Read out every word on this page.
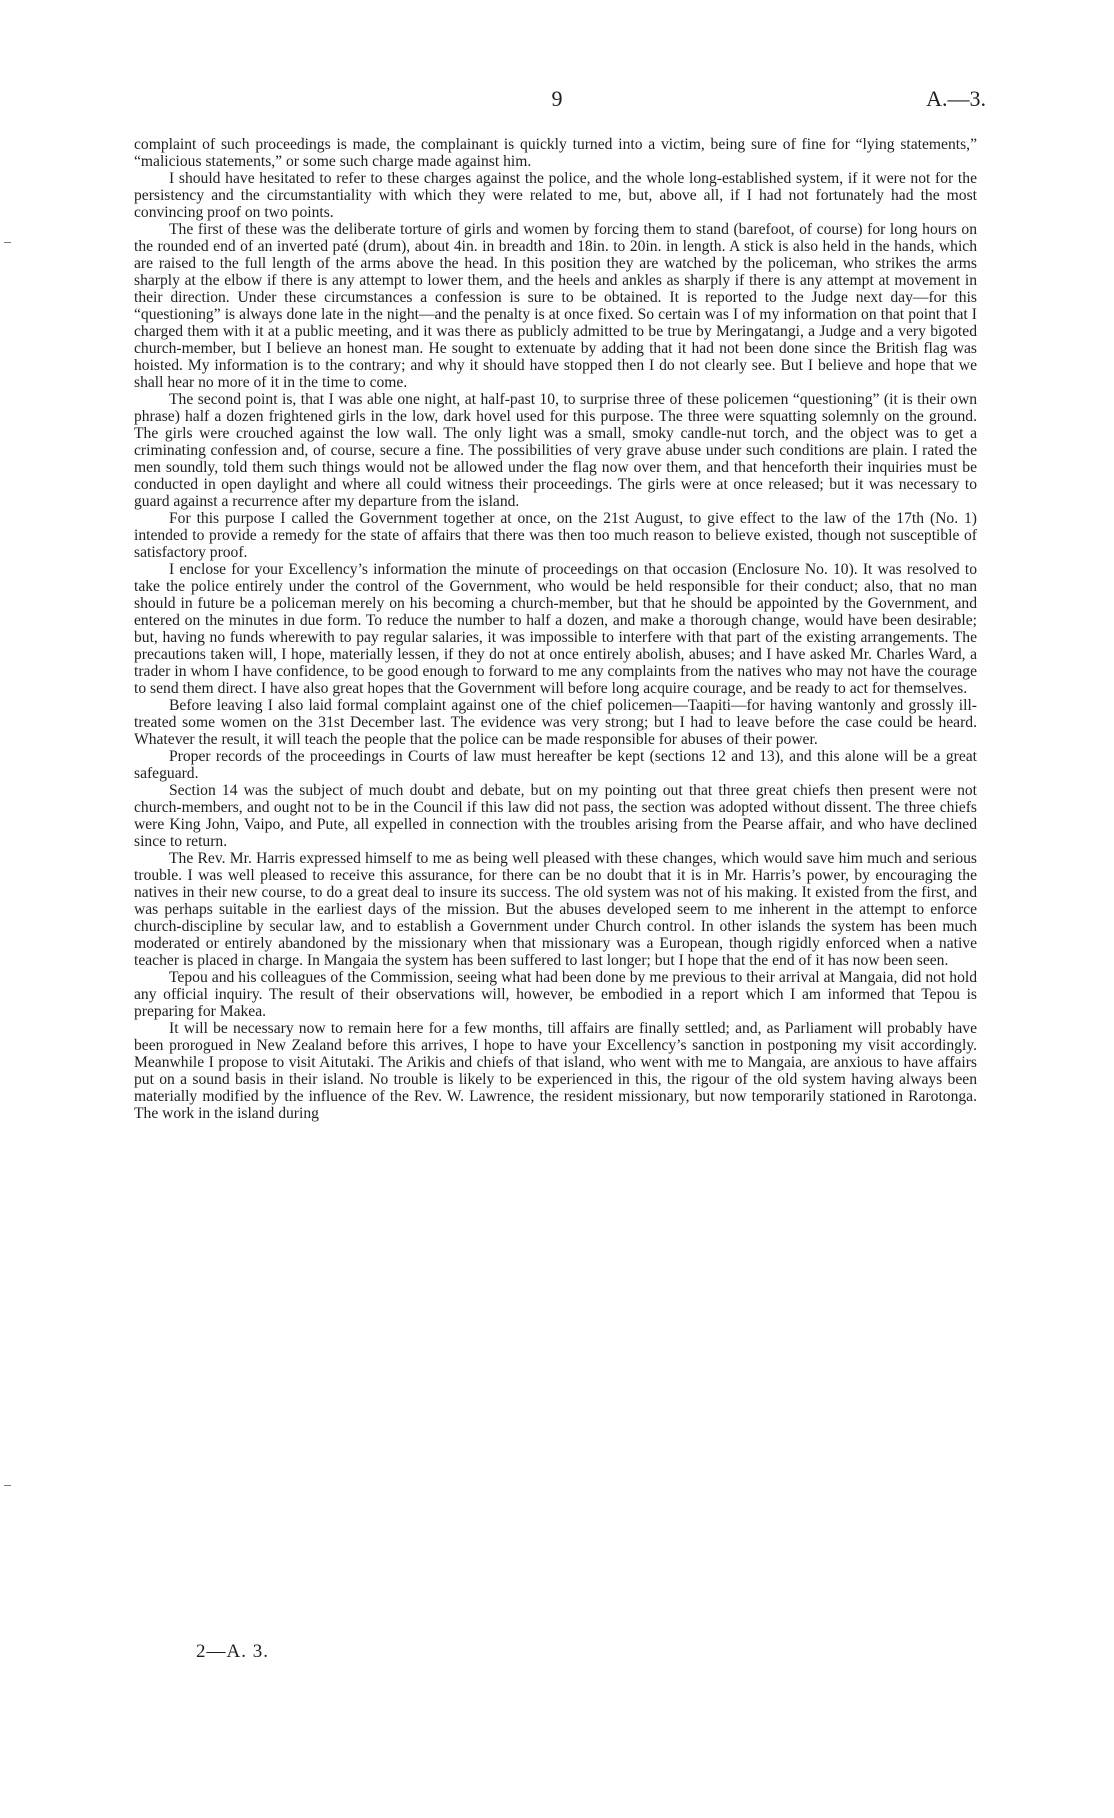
9	A.—3.

complaint of such proceedings is made, the complainant is quickly turned into a victim, being sure of fine for “lying statements,” “malicious statements,” or some such charge made against him.

I should have hesitated to refer to these charges against the police, and the whole long-established system, if it were not for the persistency and the circumstantiality with which they were related to me, but, above all, if I had not fortunately had the most convincing proof on two points.

The first of these was the deliberate torture of girls and women by forcing them to stand (barefoot, of course) for long hours on the rounded end of an inverted paté (drum), about 4in. in breadth and 18in. to 20in. in length. A stick is also held in the hands, which are raised to the full length of the arms above the head. In this position they are watched by the policeman, who strikes the arms sharply at the elbow if there is any attempt to lower them, and the heels and ankles as sharply if there is any attempt at movement in their direction. Under these circumstances a confession is sure to be obtained. It is reported to the Judge next day—for this “questioning” is always done late in the night—and the penalty is at once fixed. So certain was I of my information on that point that I charged them with it at a public meeting, and it was there as publicly admitted to be true by Meringatangi, a Judge and a very bigoted church-member, but I believe an honest man. He sought to extenuate by adding that it had not been done since the British flag was hoisted. My information is to the contrary; and why it should have stopped then I do not clearly see. But I believe and hope that we shall hear no more of it in the time to come.

The second point is, that I was able one night, at half-past 10, to surprise three of these policemen “questioning” (it is their own phrase) half a dozen frightened girls in the low, dark hovel used for this purpose. The three were squatting solemnly on the ground. The girls were crouched against the low wall. The only light was a small, smoky candle-nut torch, and the object was to get a criminating confession and, of course, secure a fine. The possibilities of very grave abuse under such conditions are plain. I rated the men soundly, told them such things would not be allowed under the flag now over them, and that henceforth their inquiries must be conducted in open daylight and where all could witness their proceedings. The girls were at once released; but it was necessary to guard against a recurrence after my departure from the island.

For this purpose I called the Government together at once, on the 21st August, to give effect to the law of the 17th (No. 1) intended to provide a remedy for the state of affairs that there was then too much reason to believe existed, though not susceptible of satisfactory proof.

I enclose for your Excellency’s information the minute of proceedings on that occasion (Enclosure No. 10). It was resolved to take the police entirely under the control of the Government, who would be held responsible for their conduct; also, that no man should in future be a policeman merely on his becoming a church-member, but that he should be appointed by the Government, and entered on the minutes in due form. To reduce the number to half a dozen, and make a thorough change, would have been desirable; but, having no funds wherewith to pay regular salaries, it was impossible to interfere with that part of the existing arrangements. The precautions taken will, I hope, materially lessen, if they do not at once entirely abolish, abuses; and I have asked Mr. Charles Ward, a trader in whom I have confidence, to be good enough to forward to me any complaints from the natives who may not have the courage to send them direct. I have also great hopes that the Government will before long acquire courage, and be ready to act for themselves.

Before leaving I also laid formal complaint against one of the chief policemen—Taapiti—for having wantonly and grossly ill-treated some women on the 31st December last. The evidence was very strong; but I had to leave before the case could be heard. Whatever the result, it will teach the people that the police can be made responsible for abuses of their power.

Proper records of the proceedings in Courts of law must hereafter be kept (sections 12 and 13), and this alone will be a great safeguard.

Section 14 was the subject of much doubt and debate, but on my pointing out that three great chiefs then present were not church-members, and ought not to be in the Council if this law did not pass, the section was adopted without dissent. The three chiefs were King John, Vaipo, and Pute, all expelled in connection with the troubles arising from the Pearse affair, and who have declined since to return.

The Rev. Mr. Harris expressed himself to me as being well pleased with these changes, which would save him much and serious trouble. I was well pleased to receive this assurance, for there can be no doubt that it is in Mr. Harris’s power, by encouraging the natives in their new course, to do a great deal to insure its success. The old system was not of his making. It existed from the first, and was perhaps suitable in the earliest days of the mission. But the abuses developed seem to me inherent in the attempt to enforce church-discipline by secular law, and to establish a Government under Church control. In other islands the system has been much moderated or entirely abandoned by the missionary when that missionary was a European, though rigidly enforced when a native teacher is placed in charge. In Mangaia the system has been suffered to last longer; but I hope that the end of it has now been seen.

Tepou and his colleagues of the Commission, seeing what had been done by me previous to their arrival at Mangaia, did not hold any official inquiry. The result of their observations will, however, be embodied in a report which I am informed that Tepou is preparing for Makea.

It will be necessary now to remain here for a few months, till affairs are finally settled; and, as Parliament will probably have been prorogued in New Zealand before this arrives, I hope to have your Excellency’s sanction in postponing my visit accordingly. Meanwhile I propose to visit Aitutaki. The Arikis and chiefs of that island, who went with me to Mangaia, are anxious to have affairs put on a sound basis in their island. No trouble is likely to be experienced in this, the rigour of the old system having always been materially modified by the influence of the Rev. W. Lawrence, the resident missionary, but now temporarily stationed in Rarotonga. The work in the island during

2—A. 3.
